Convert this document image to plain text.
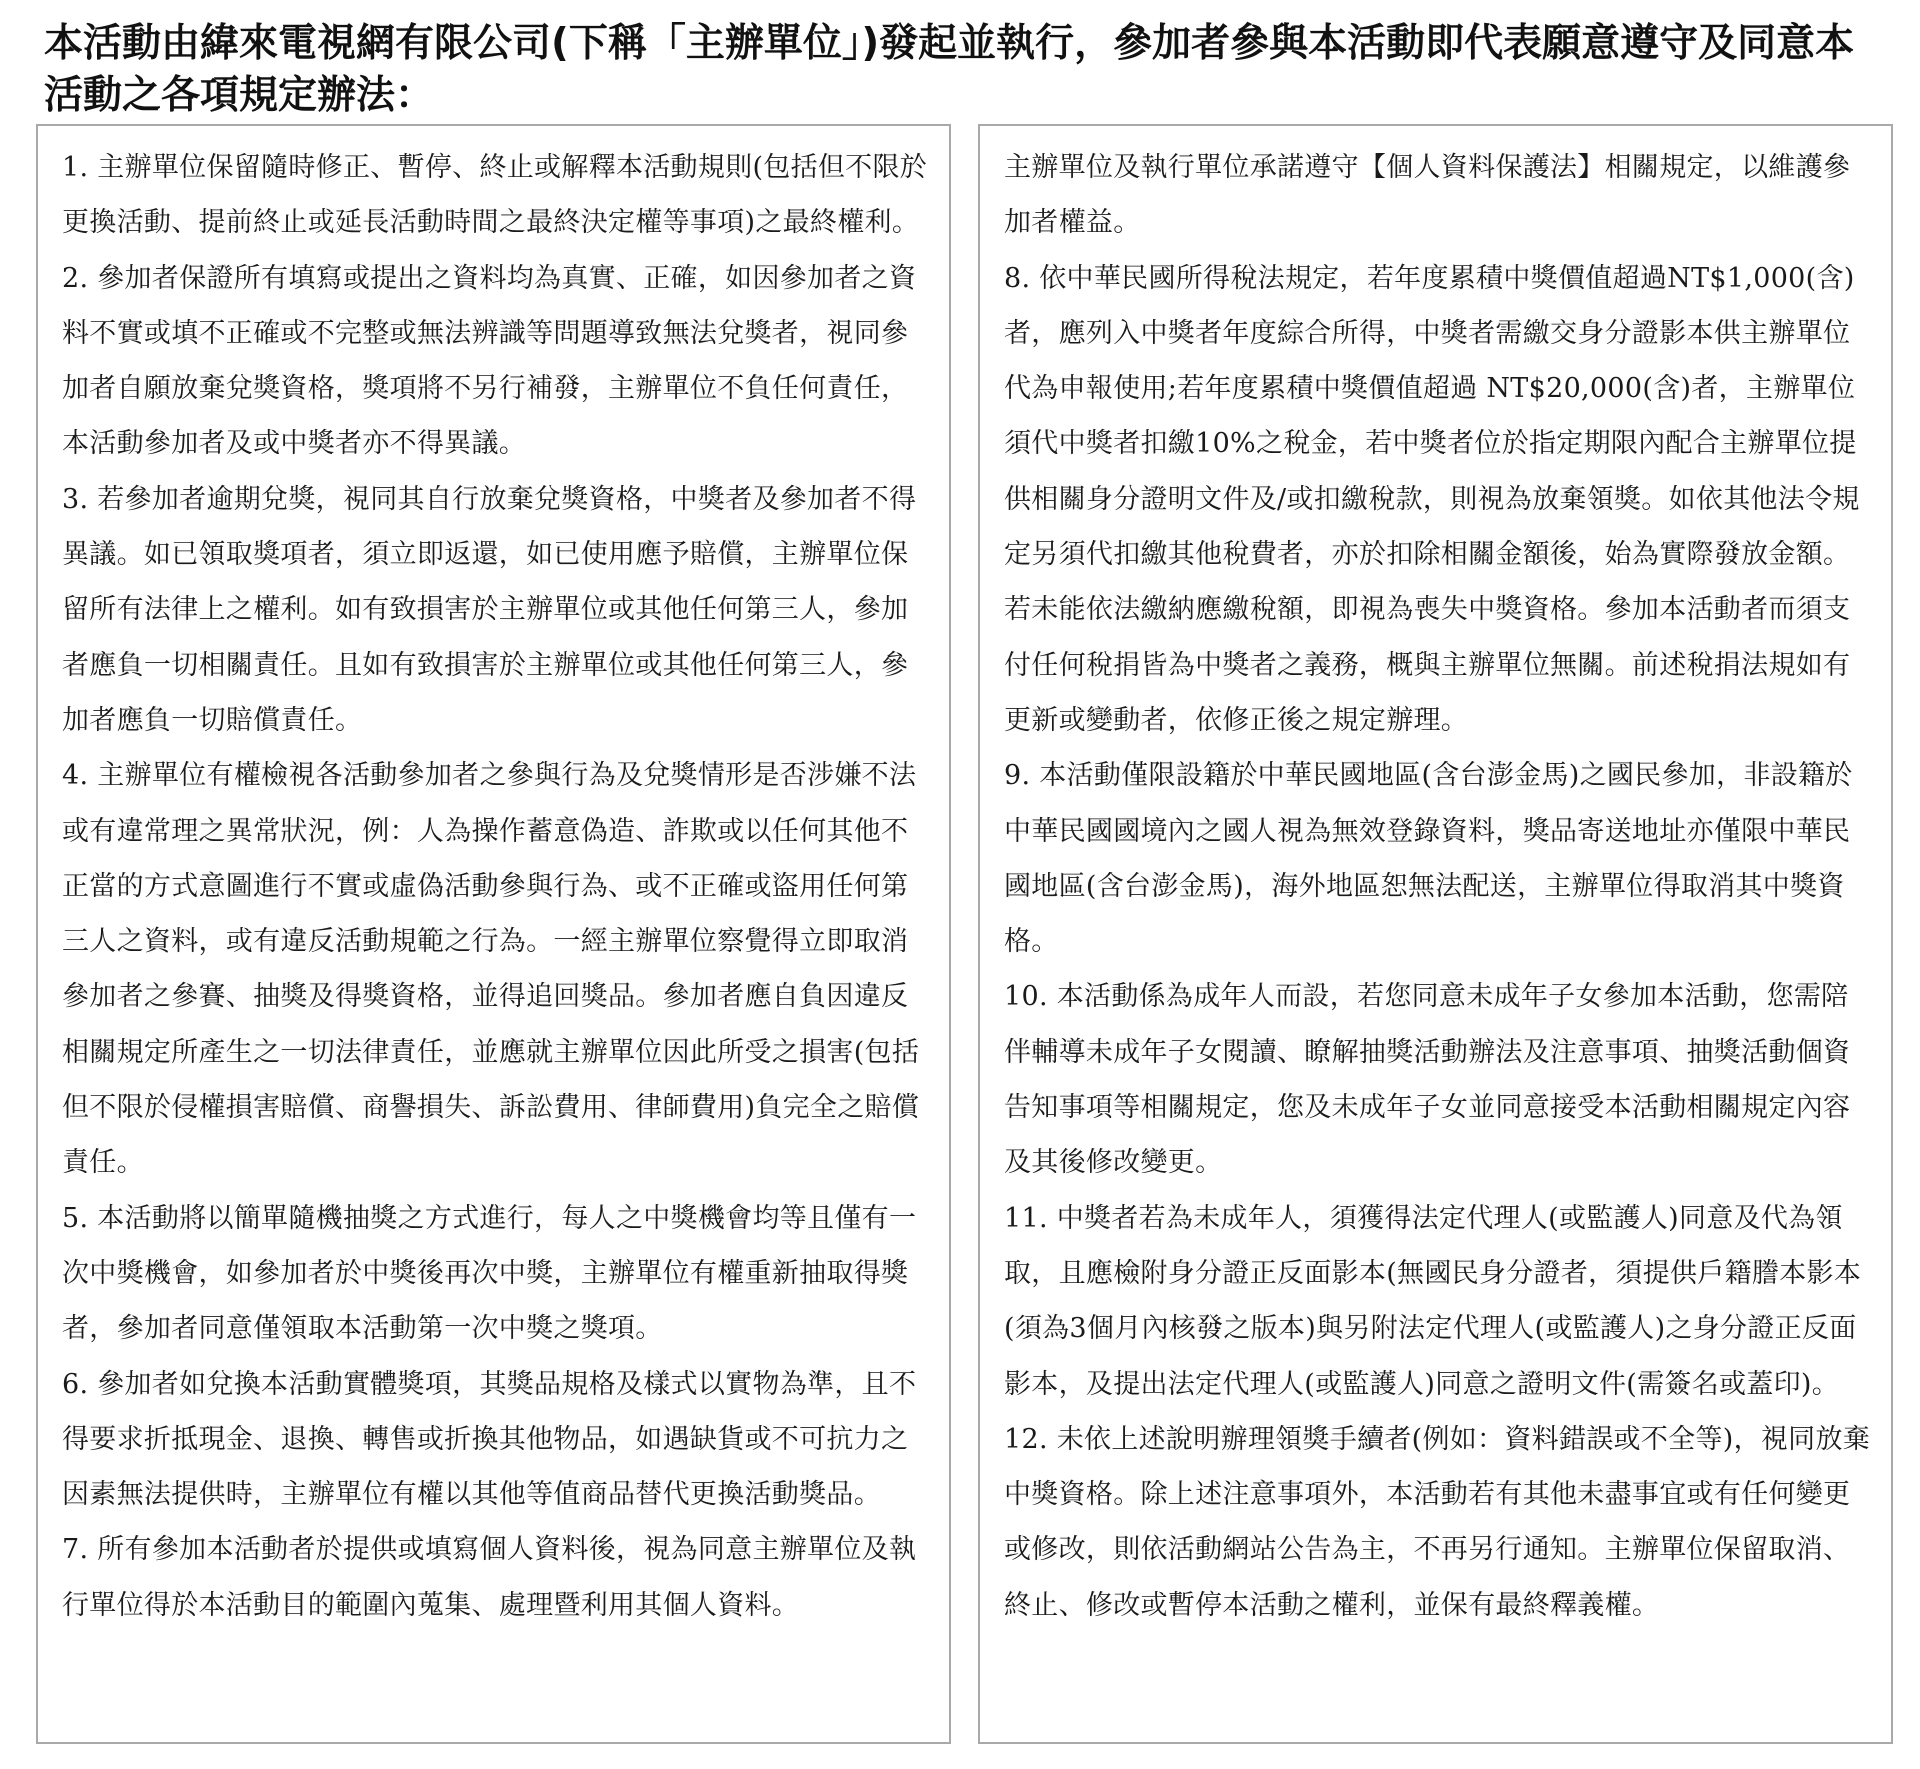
本活動由緯來電視網有限公司(下稱「主辦單位」)發起並執行，參加者參與本活動即代表願意遵守及同意本活動之各項規定辦法：

1. 主辦單位保留隨時修正、暫停、終止或解釋本活動規則(包括但不限於更換活動、提前終止或延長活動時間之最終決定權等事項)之最終權利。

2. 參加者保證所有填寫或提出之資料均為真實、正確，如因參加者之資料不實或填不正確或不完整或無法辨識等問題導致無法兌獎者，視同參加者自願放棄兌獎資格，獎項將不另行補發，主辦單位不負任何責任，本活動參加者及或中獎者亦不得異議。

3. 若參加者逾期兌獎，視同其自行放棄兌獎資格，中獎者及參加者不得異議。如已領取獎項者，須立即返還，如已使用應予賠償，主辦單位保留所有法律上之權利。如有致損害於主辦單位或其他任何第三人，參加者應負一切相關責任。且如有致損害於主辦單位或其他任何第三人，參加者應負一切賠償責任。

4. 主辦單位有權檢視各活動參加者之參與行為及兌獎情形是否涉嫌不法或有違常理之異常狀況，例：人為操作蓄意偽造、詐欺或以任何其他不正當的方式意圖進行不實或虛偽活動參與行為、或不正確或盜用任何第三人之資料，或有違反活動規範之行為。一經主辦單位察覺得立即取消參加者之參賽、抽獎及得獎資格，並得追回獎品。參加者應自負因違反相關規定所產生之一切法律責任，並應就主辦單位因此所受之損害(包括但不限於侵權損害賠償、商譽損失、訴訟費用、律師費用)負完全之賠償責任。

5. 本活動將以簡單隨機抽獎之方式進行，每人之中獎機會均等且僅有一次中獎機會，如參加者於中獎後再次中獎，主辦單位有權重新抽取得獎者，參加者同意僅領取本活動第一次中獎之獎項。

6. 參加者如兌換本活動實體獎項，其獎品規格及樣式以實物為準，且不得要求折抵現金、退換、轉售或折換其他物品，如遇缺貨或不可抗力之因素無法提供時，主辦單位有權以其他等值商品替代更換活動獎品。

7. 所有參加本活動者於提供或填寫個人資料後，視為同意主辦單位及執行單位得於本活動目的範圍內蒐集、處理暨利用其個人資料。

主辦單位及執行單位承諾遵守【個人資料保護法】相關規定，以維護參加者權益。

8. 依中華民國所得稅法規定，若年度累積中獎價值超過NT$1,000(含)者，應列入中獎者年度綜合所得，中獎者需繳交身分證影本供主辦單位代為申報使用;若年度累積中獎價值超過 NT$20,000(含)者，主辦單位須代中獎者扣繳10%之稅金，若中獎者位於指定期限內配合主辦單位提供相關身分證明文件及/或扣繳稅款，則視為放棄領獎。如依其他法令規定另須代扣繳其他稅費者，亦於扣除相關金額後，始為實際發放金額。若未能依法繳納應繳稅額，即視為喪失中獎資格。參加本活動者而須支付任何稅捐皆為中獎者之義務，概與主辦單位無關。前述稅捐法規如有更新或變動者，依修正後之規定辦理。

9. 本活動僅限設籍於中華民國地區(含台澎金馬)之國民參加，非設籍於中華民國國境內之國人視為無效登錄資料，獎品寄送地址亦僅限中華民國地區(含台澎金馬)，海外地區恕無法配送，主辦單位得取消其中獎資格。

10. 本活動係為成年人而設，若您同意未成年子女參加本活動，您需陪伴輔導未成年子女閱讀、瞭解抽獎活動辦法及注意事項、抽獎活動個資告知事項等相關規定，您及未成年子女並同意接受本活動相關規定內容及其後修改變更。

11. 中獎者若為未成年人，須獲得法定代理人(或監護人)同意及代為領取，且應檢附身分證正反面影本(無國民身分證者，須提供戶籍謄本影本(須為3個月內核發之版本)與另附法定代理人(或監護人)之身分證正反面影本，及提出法定代理人(或監護人)同意之證明文件(需簽名或蓋印)。

12. 未依上述說明辦理領獎手續者(例如：資料錯誤或不全等)，視同放棄中獎資格。除上述注意事項外，本活動若有其他未盡事宜或有任何變更或修改，則依活動網站公告為主，不再另行通知。主辦單位保留取消、終止、修改或暫停本活動之權利，並保有最終釋義權。
